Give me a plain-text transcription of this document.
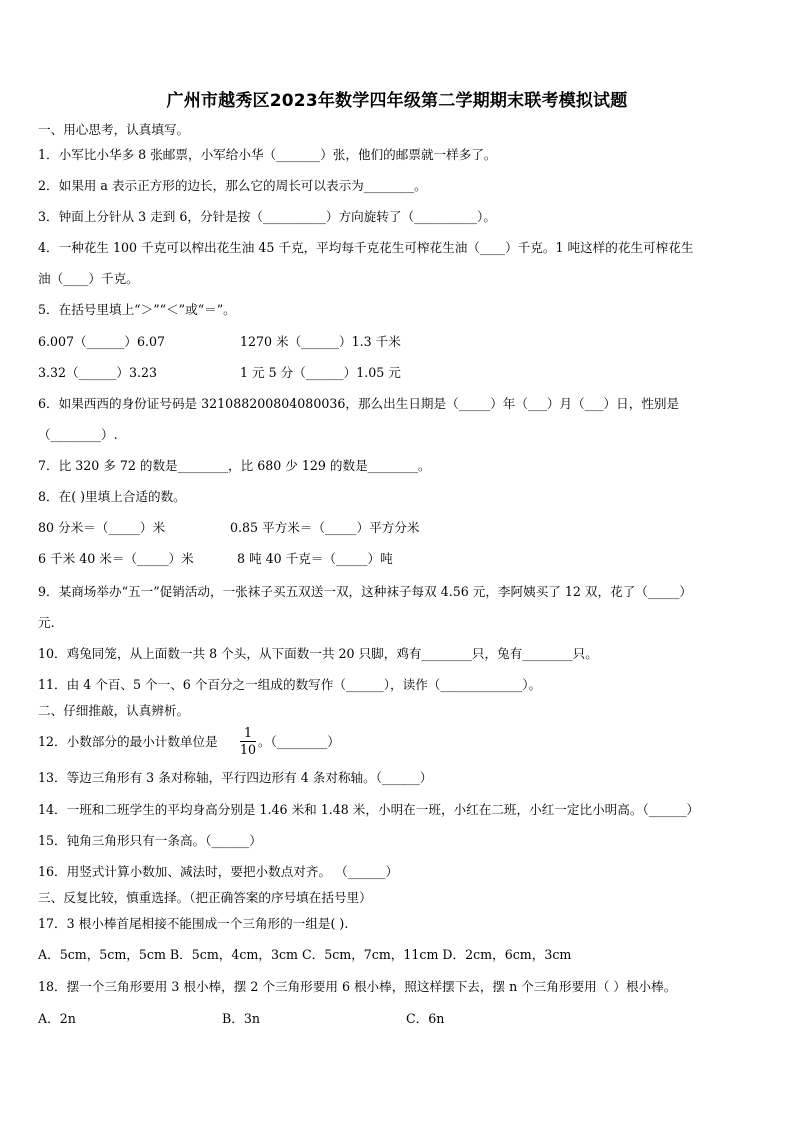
广州市越秀区2023年数学四年级第二学期期末联考模拟试题
一、用心思考，认真填写。
1．小军比小华多 8 张邮票，小军给小华（_______）张，他们的邮票就一样多了。
2．如果用 a 表示正方形的边长，那么它的周长可以表示为________。
3．钟面上分针从 3 走到 6，分针是按（__________）方向旋转了（__________）。
4．一种花生 100 千克可以榨出花生油 45 千克，平均每千克花生可榨花生油（____）千克。1 吨这样的花生可榨花生
油（____）千克。
5．在括号里填上“＞”“＜”或“＝”。
6.007（______）6.07	1270 米（______）1.3 千米
3.32（______）3.23	1 元 5 分（______）1.05 元
6．如果西西的身份证号码是 321088200804080036，那么出生日期是（_____）年（___）月（___）日，性别是
（________）.
7．比 320 多 72 的数是________，比 680 少 129 的数是________。
8．在( )里填上合适的数。
80 分米＝（_____）米	0.85 平方米＝（_____）平方分米
6 千米 40 米＝（_____）米	8 吨 40 千克＝（_____）吨
9．某商场举办“五一”促销活动，一张袜子买五双送一双，这种袜子每双 4.56 元，李阿姨买了 12 双，花了（_____）
元.
10．鸡兔同笼，从上面数一共 8 个头，从下面数一共 20 只脚，鸡有________只，兔有________只。
11．由 4 个百、5 个一、6 个百分之一组成的数写作（______），读作（_____________）。
二、仔细推敲，认真辨析。
12．小数部分的最小计数单位是
1
10
。（________）
13．等边三角形有 3 条对称轴，平行四边形有 4 条对称轴。（______）
14．一班和二班学生的平均身高分别是 1.46 米和 1.48 米，小明在一班，小红在二班，小红一定比小明高。（______）
15．钝角三角形只有一条高。（______）
16．用竖式计算小数加、减法时，要把小数点对齐。 （______）
三、反复比较，慎重选择。（把正确答案的序号填在括号里）
17．3 根小棒首尾相接不能围成一个三角形的一组是( ).
A．5cm，5cm，5cm B．5cm，4cm，3cm C．5cm，7cm，11cm D．2cm，6cm，3cm
18．摆一个三角形要用 3 根小棒，摆 2 个三角形要用 6 根小棒，照这样摆下去，摆 n 个三角形要用（ ）根小棒。
A．2n	B．3n	C．6n
